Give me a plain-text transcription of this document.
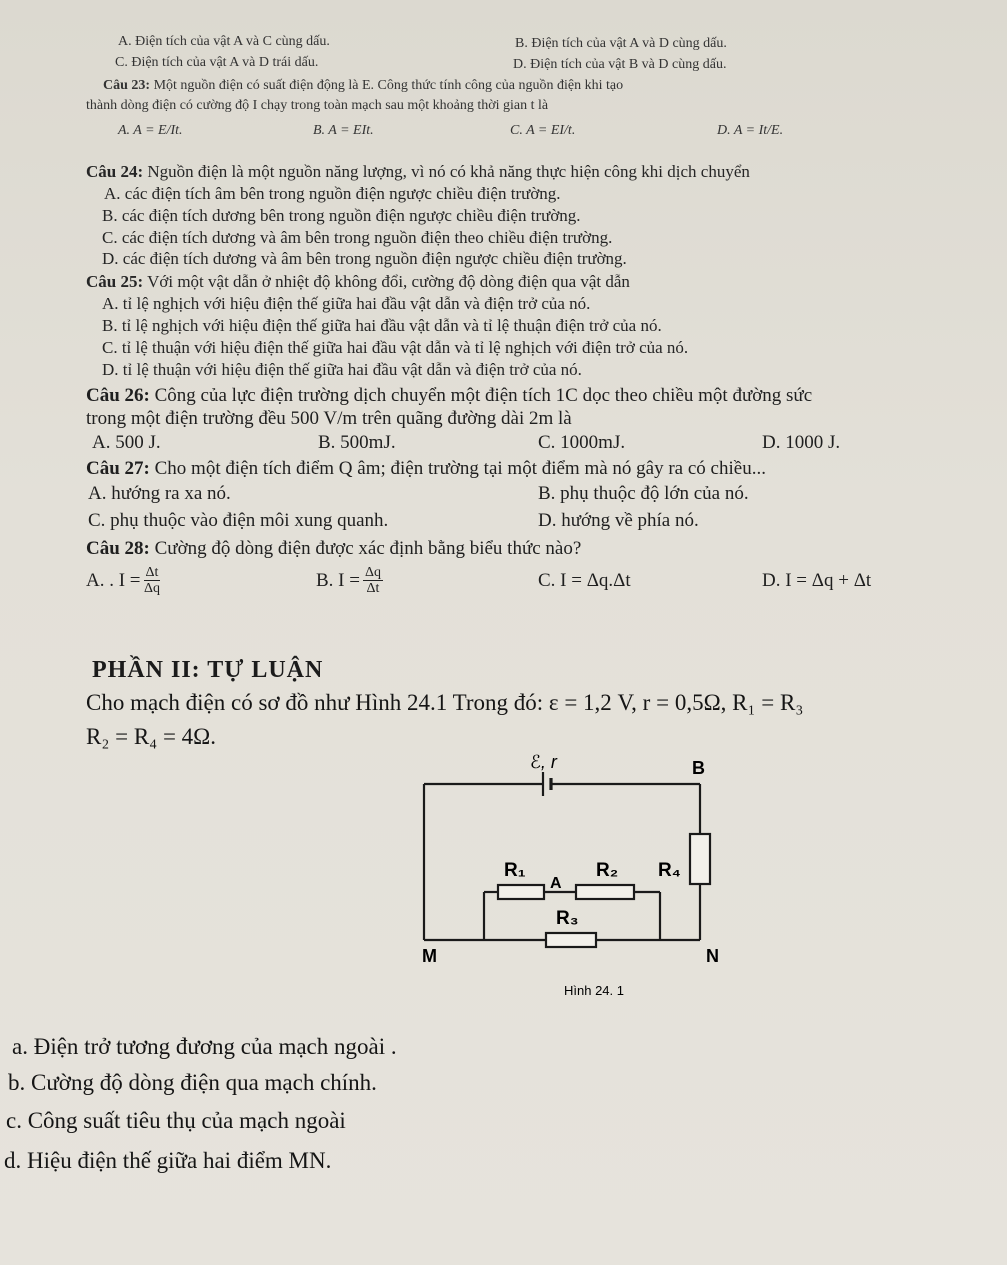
A. Điện tích của vật A và C cùng dấu.	B. Điện tích của vật A và D cùng dấu.
C. Điện tích của vật A và D trái dấu.	D. Điện tích của vật B và D cùng dấu.
Câu 23: Một nguồn điện có suất điện động là E. Công thức tính công của nguồn điện khi tạo
thành dòng điện có cường độ I chạy trong toàn mạch sau một khoảng thời gian t là
A. A = E/It.	B. A = EIt.	C. A = EI/t.	D. A = It/E.
Câu 24: Nguồn điện là một nguồn năng lượng, vì nó có khả năng thực hiện công khi dịch chuyển
A. các điện tích âm bên trong nguồn điện ngược chiều điện trường.
B. các điện tích dương bên trong nguồn điện ngược chiều điện trường.
C. các điện tích dương và âm bên trong nguồn điện theo chiều điện trường.
D. các điện tích dương và âm bên trong nguồn điện ngược chiều điện trường.
Câu 25: Với một vật dẫn ở nhiệt độ không đổi, cường độ dòng điện qua vật dẫn
A. tỉ lệ nghịch với hiệu điện thế giữa hai đầu vật dẫn và điện trở của nó.
B. tỉ lệ nghịch với hiệu điện thế giữa hai đầu vật dẫn và tỉ lệ thuận điện trở của nó.
C. tỉ lệ thuận với hiệu điện thế giữa hai đầu vật dẫn và tỉ lệ nghịch với điện trở của nó.
D. tỉ lệ thuận với hiệu điện thế giữa hai đầu vật dẫn và điện trở của nó.
Câu 26: Công của lực điện trường dịch chuyển một điện tích 1C dọc theo chiều một đường sức
trong một điện trường đều 500 V/m trên quãng đường dài 2m là
A. 500 J.	B. 500mJ.	C. 1000mJ.	D. 1000 J.
Câu 27: Cho một điện tích điểm Q âm; điện trường tại một điểm mà nó gây ra có chiều...
A. hướng ra xa nó.	B. phụ thuộc độ lớn của nó.
C. phụ thuộc vào điện môi xung quanh.	D. hướng về phía nó.
Câu 28: Cường độ dòng điện được xác định bằng biểu thức nào?
A. . $I = \frac{\Delta t}{\Delta q}$	B. $I = \frac{\Delta q}{\Delta t}$	C. I = Δq.Δt	D. I = Δq + Δt
PHẦN II: TỰ LUẬN
Cho mạch điện có sơ đồ như Hình 24.1 Trong đó: ε = 1,2 V, r = 0,5Ω, R₁ = R₃
R₂ = R₄ = 4Ω.
ℰ, r	B
R₁
A
R₂ R₄
R₃
M	N
Hình 24. 1
a. Điện trở tương đương của mạch ngoài .
b. Cường độ dòng điện qua mạch chính.
c. Công suất tiêu thụ của mạch ngoài
d. Hiệu điện thế giữa hai điểm MN.
